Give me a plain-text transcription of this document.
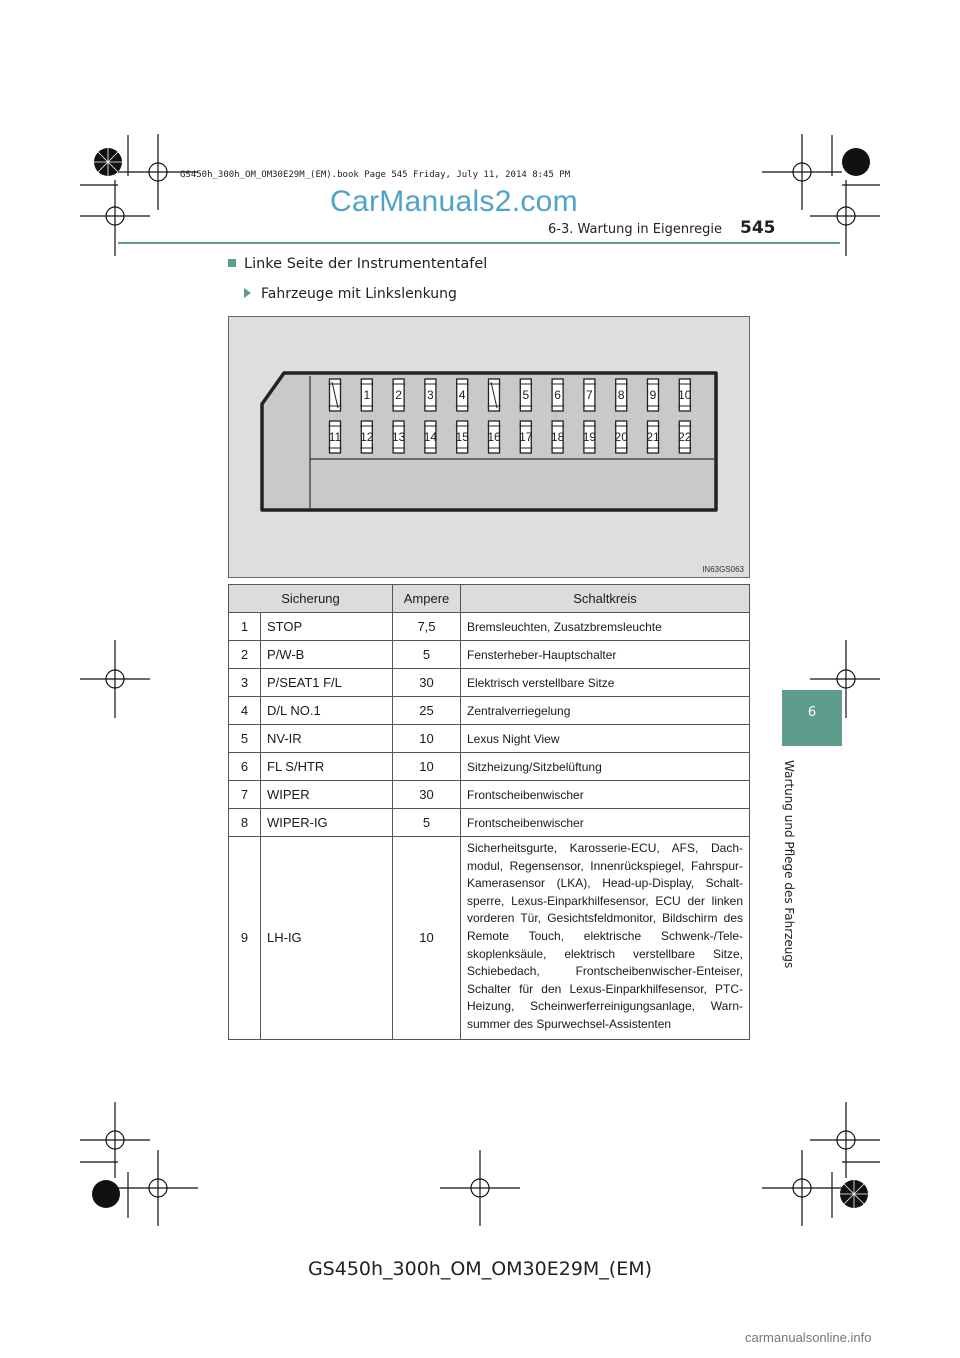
GS450h_300h_OM_OM30E29M_(EM).book Page 545 Friday, July 11, 2014 8:45 PM
CarManuals2.com
6-3. Wartung in Eigenregie 545
6
Wartung und Pflege des Fahrzeugs
Linke Seite der Instrumententafel
Fahrzeuge mit Linkslenkung
1 2 3 4	5 6 7 8 9 10
11 12 13 14 15 16 17 18 19 20 21 22
IN63GS063
Sicherung		Ampere	Schaltkreis
1	STOP	7,5	Bremsleuchten, Zusatzbremsleuchte
2	P/W-B	5	Fensterheber-Hauptschalter
3	P/SEAT1 F/L	30	Elektrisch verstellbare Sitze
4	D/L NO.1	25	Zentralverriegelung
5	NV-IR	10	Lexus Night View
6	FL S/HTR	10	Sitzheizung/Sitzbelüftung
7	WIPER	30	Frontscheibenwischer
8	WIPER-IG	5	Frontscheibenwischer
9	LH-IG	10	Sicherheitsgurte, Karosserie-ECU, AFS, Dach-modul, Regensensor, Innenrückspiegel, Fahrspur-Kamerasensor (LKA), Head-up-Display, Schalt-sperre, Lexus-Einparkhilfesensor, ECU der linken vorderen Tür, Gesichtsfeldmonitor, Bildschirm des Remote Touch, elektrische Schwenk-/Tele-skoplenksäule, elektrisch verstellbare Sitze, Schiebedach, Frontscheibenwischer-Enteiser, Schalter für den Lexus-Einparkhilfesensor, PTC-Heizung, Scheinwerferreinigungsanlage, Warn-summer des Spurwechsel-Assistenten
GS450h_300h_OM_OM30E29M_(EM)
carmanualsonline.info
